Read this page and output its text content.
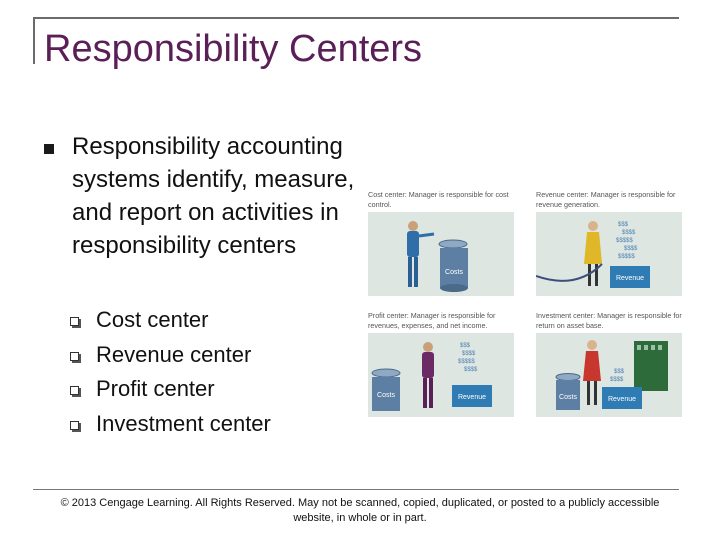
Responsibility Centers
Responsibility accounting systems identify, measure, and report on activities in responsibility centers
Cost center
Revenue center
Profit center
Investment center
Cost center: Manager is responsible for cost control.
Costs
Revenue center: Manager is responsible for revenue generation.
$$$
$$$$
$$$$$
$$$$
$$$$$
Revenue
Profit center: Manager is responsible for revenues, expenses, and net income.
Costs
$$$
$$$$
$$$$$
$$$$
Revenue
Investment center: Manager is responsible for return on asset base.
Costs
$$$
$$$$
Revenue
© 2013 Cengage Learning. All Rights Reserved. May not be scanned, copied, duplicated, or posted to a publicly accessible website, in whole or in part.
